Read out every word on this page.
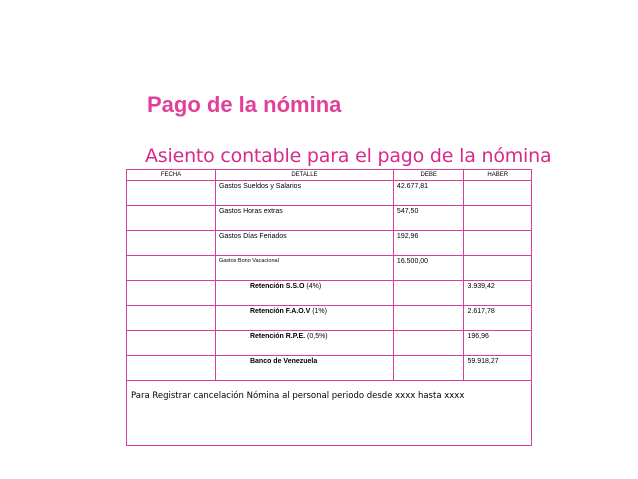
Pago de la nómina
Asiento contable para el pago de la nómina
FECHA	DETALLE	DEBE	HABER
	Gastos Sueldos y Salarios	42.677,81	
	Gastos Horas extras	547,50	
	Gastos Días Feriados	192,96	
	Gastos Bono Vacacional	16.500,00	
	Retención S.S.O (4%)		3.939,42
	Retención F.A.O.V (1%)		2.617,78
	Retención R.P.E. (0,5%)		196,96
	Banco de Venezuela		59.918,27
Para Registrar cancelación Nómina al personal periodo desde xxxx hasta xxxx			
